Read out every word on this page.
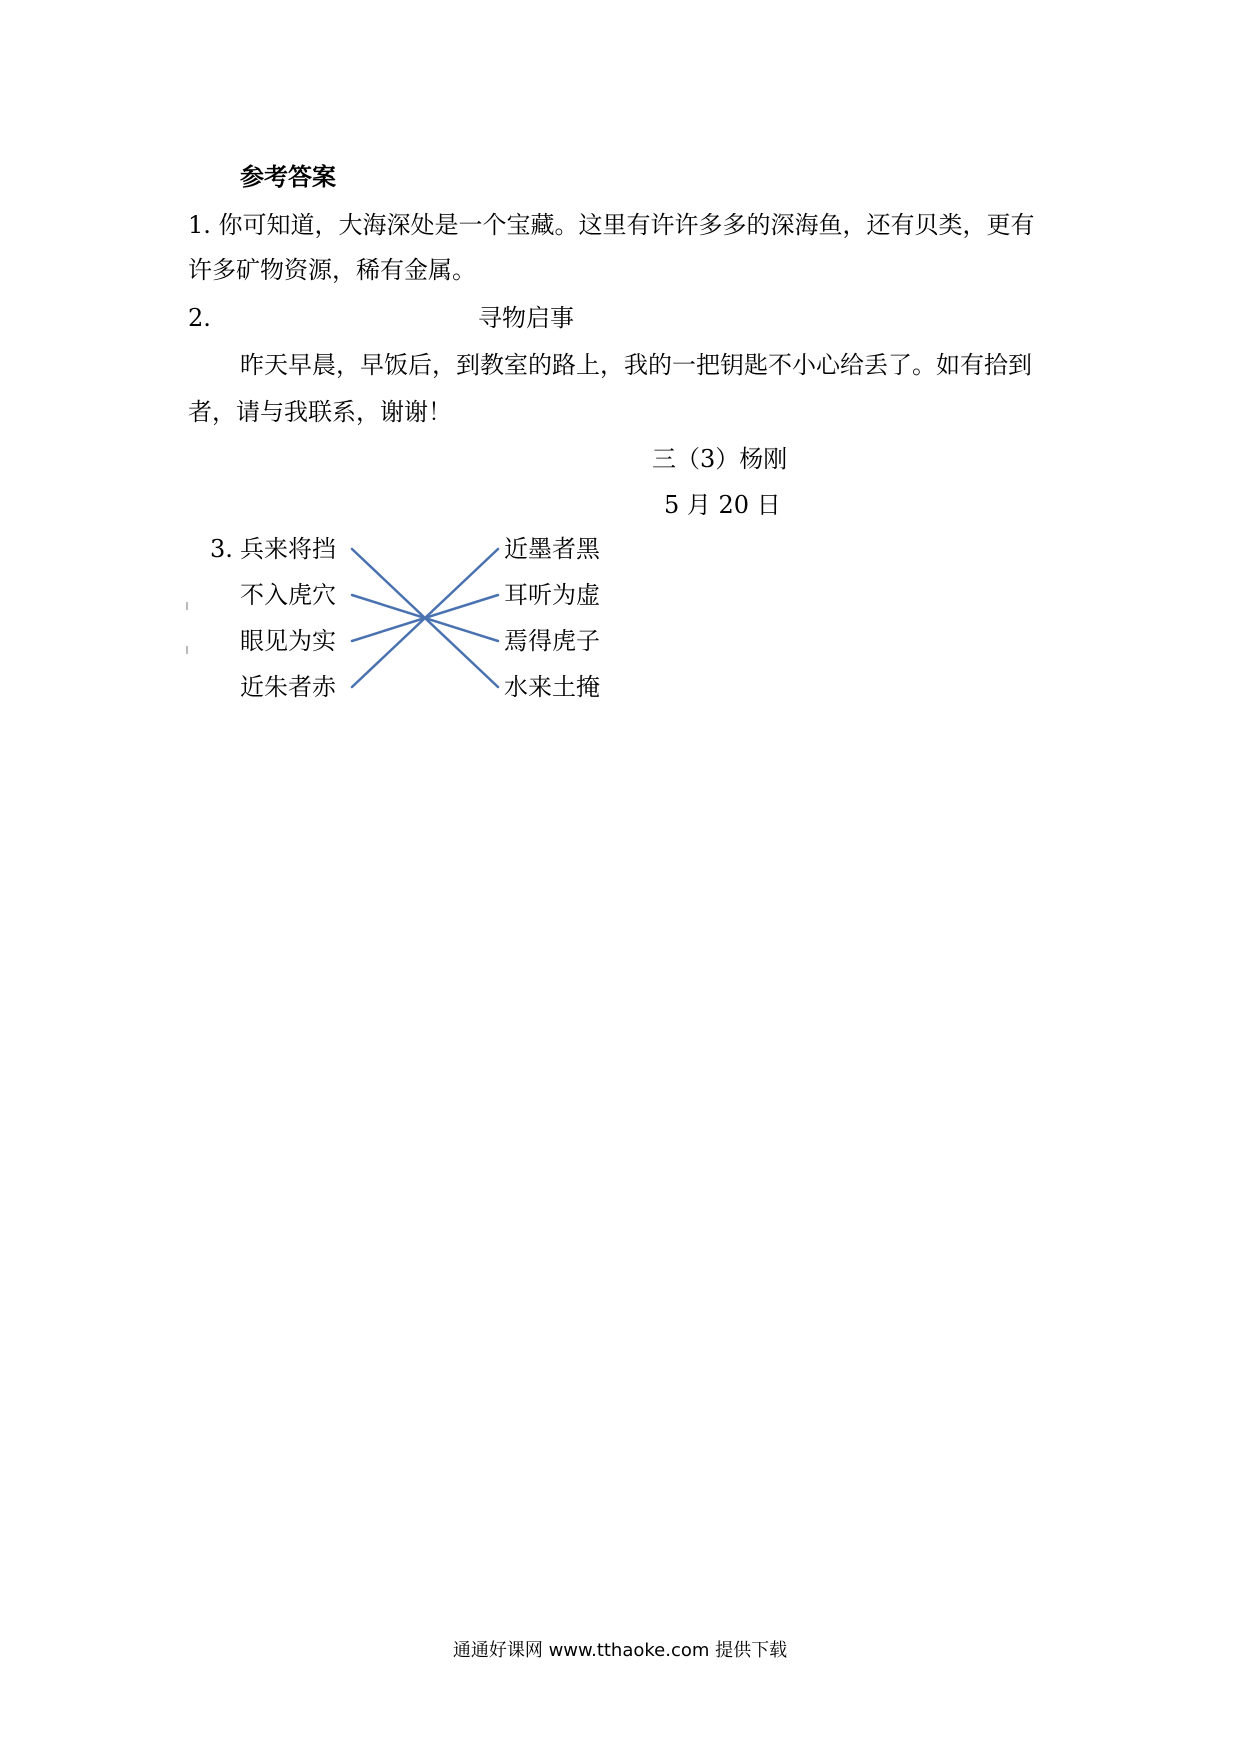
参考答案
1. 你可知道，大海深处是一个宝藏。这里有许许多多的深海鱼，还有贝类，更有
许多矿物资源，稀有金属。
2.	寻物启事
昨天早晨，早饭后，到教室的路上，我的一把钥匙不小心给丢了。如有拾到
者，请与我联系，谢谢！
三（3）杨刚
5 月 20 日
3. 兵来将挡
不入虎穴
眼见为实
近朱者赤
近墨者黑
耳听为虚
焉得虎子
水来土掩
通通好课网 www.tthaoke.com 提供下载
